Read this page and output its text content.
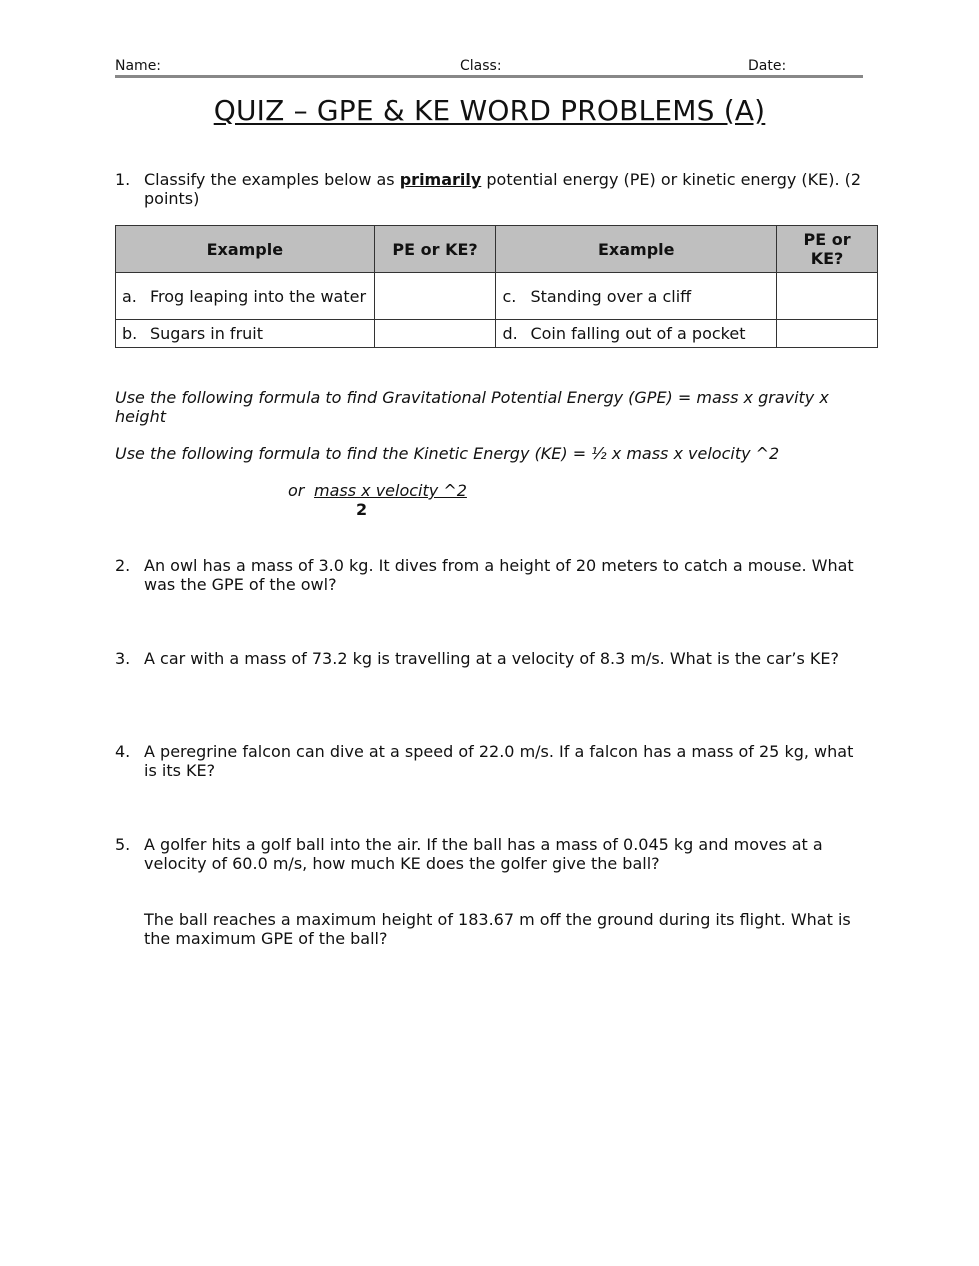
Name:	Class:	Date:
QUIZ – GPE & KE WORD PROBLEMS (A)
1. Classify the examples below as primarily potential energy (PE) or kinetic energy (KE). (2 points)
Example	PE or KE?	Example	PE or KE?

a. Frog leaping into the water		c. Standing over a cliff	

b. Sugars in fruit		d. Coin falling out of a pocket	

Use the following formula to find Gravitational Potential Energy (GPE) = mass x gravity x height
Use the following formula to find the Kinetic Energy (KE) = ½ x mass x velocity ^2
or mass x velocity ^2
2
2. An owl has a mass of 3.0 kg. It dives from a height of 20 meters to catch a mouse. What was the GPE of the owl?
3. A car with a mass of 73.2 kg is travelling at a velocity of 8.3 m/s. What is the car’s KE?
4. A peregrine falcon can dive at a speed of 22.0 m/s. If a falcon has a mass of 25 kg, what is its KE?
5. A golfer hits a golf ball into the air. If the ball has a mass of 0.045 kg and moves at a velocity of 60.0 m/s, how much KE does the golfer give the ball?
The ball reaches a maximum height of 183.67 m off the ground during its flight. What is the maximum GPE of the ball?
